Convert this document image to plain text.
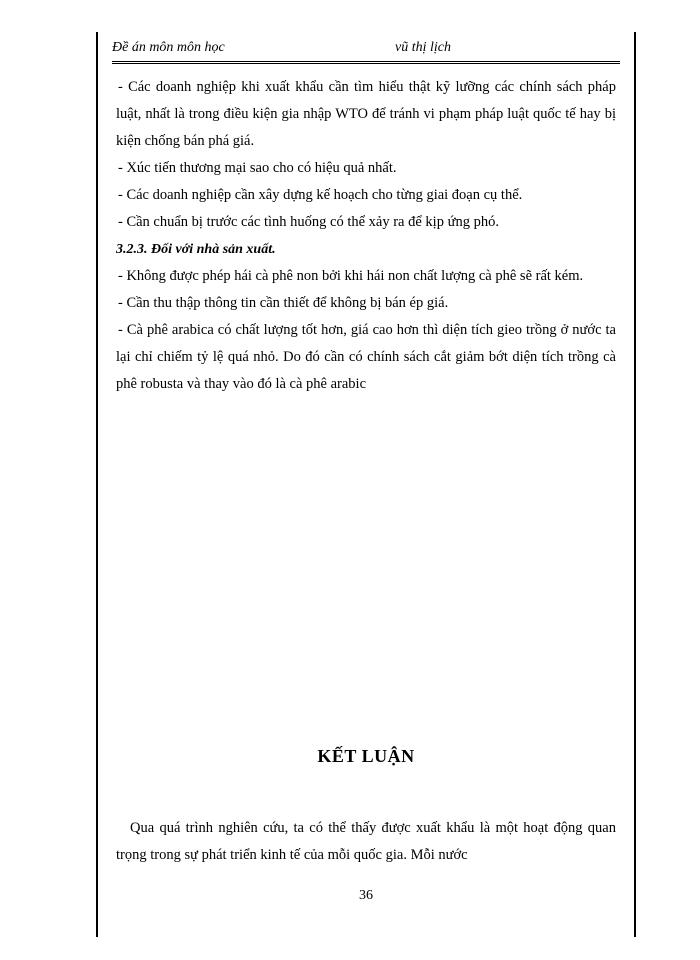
Đề án môn môn học	vũ thị lịch

- Các doanh nghiệp khi xuất khẩu cần tìm hiểu thật kỹ lưỡng các chính sách pháp luật, nhất là trong điều kiện gia nhập WTO để tránh vi phạm pháp luật quốc tế hay bị kiện chống bán phá giá.

- Xúc tiến thương mại sao cho có hiệu quả nhất.

- Các doanh nghiệp cần xây dựng kế hoạch cho từng giai đoạn cụ thể.

- Cần chuẩn bị trước các tình huống có thể xảy ra để kịp ứng phó.

3.2.3. Đối với nhà sản xuất.

- Không được phép hái cà phê non bởi khi hái non chất lượng cà phê sẽ rất kém.

- Cần thu thập thông tin cần thiết để không bị bán ép giá.

- Cà phê arabica có chất lượng tốt hơn, giá cao hơn thì diện tích gieo trồng ở nước ta lại chỉ chiếm tỷ lệ quá nhỏ. Do đó cần có chính sách cắt giảm bớt diện tích trồng cà phê robusta và thay vào đó là cà phê arabic

KẾT LUẬN

Qua quá trình nghiên cứu, ta có thể thấy được xuất khẩu là một hoạt động quan trọng trong sự phát triển kinh tế của mỗi quốc gia. Mỗi nước

36
